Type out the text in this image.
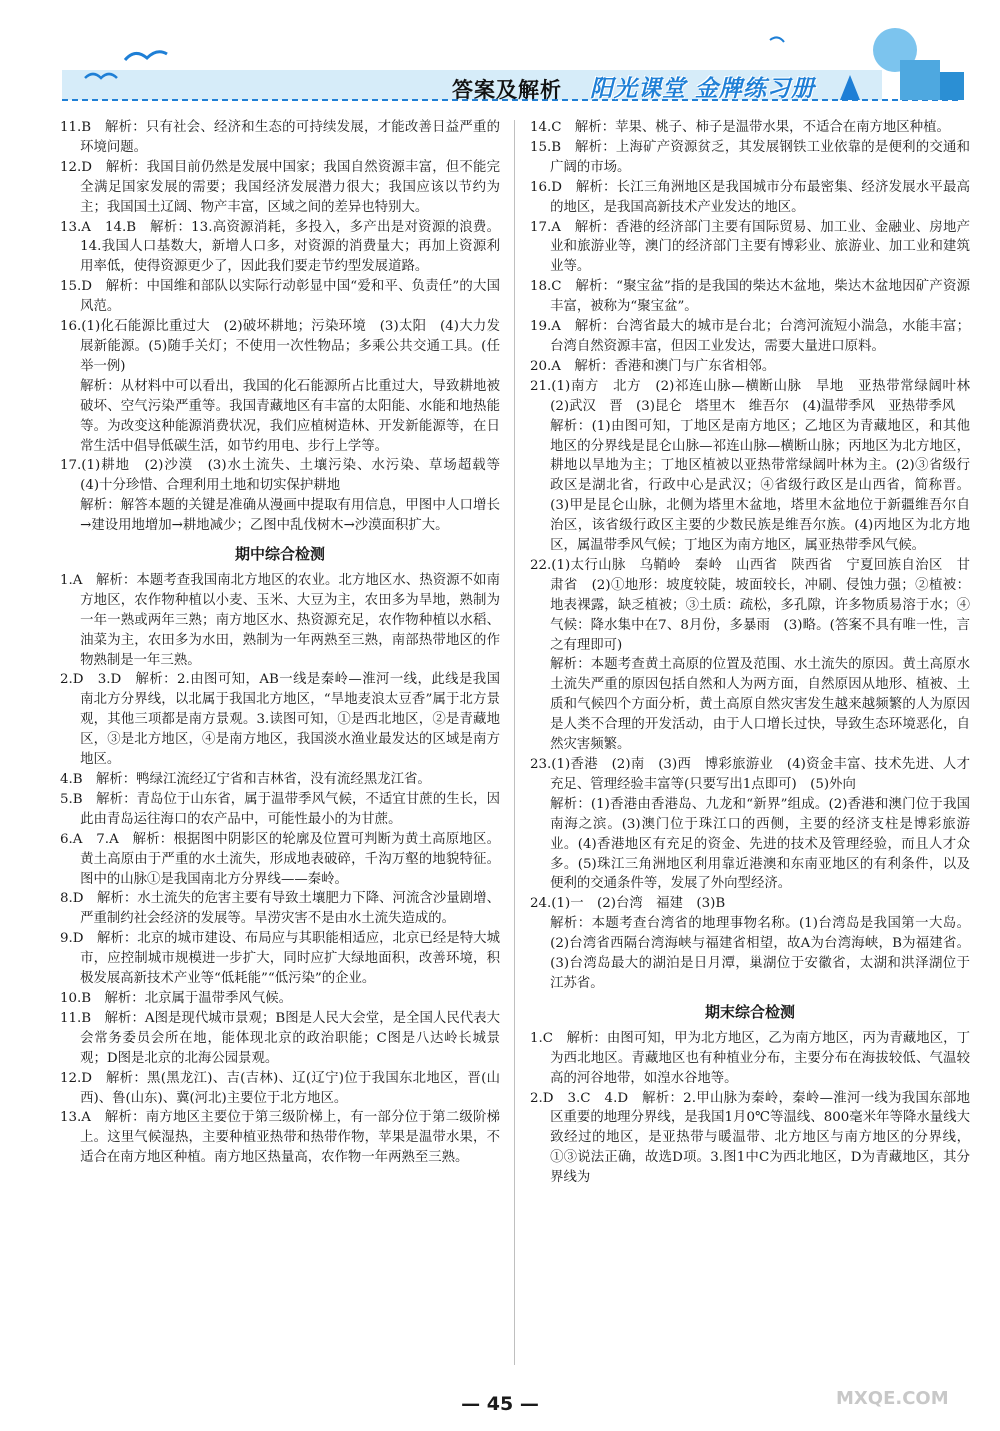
答案及解析 阳光课堂 金牌练习册
11.B　解析：只有社会、经济和生态的可持续发展，才能改善日益严重的环境问题。
12.D　解析：我国目前仍然是发展中国家；我国自然资源丰富，但不能完全满足国家发展的需要；我国经济发展潜力很大；我国应该以节约为主；我国国土辽阔、物产丰富，区域之间的差异也特别大。
13.A　14.B　解析：13.高资源消耗，多投入，多产出是对资源的浪费。14.我国人口基数大，新增人口多，对资源的消费量大；再加上资源利用率低，使得资源更少了，因此我们要走节约型发展道路。
15.D　解析：中国维和部队以实际行动彰显中国“爱和平、负责任”的大国风范。
16.(1)化石能源比重过大　(2)破坏耕地；污染环境　(3)太阳　(4)大力发展新能源。(5)随手关灯；不使用一次性物品；多乘公共交通工具。(任举一例)
解析：从材料中可以看出，我国的化石能源所占比重过大，导致耕地被破坏、空气污染严重等。我国青藏地区有丰富的太阳能、水能和地热能等。为改变这种能源消费状况，我们应植树造林、开发新能源等，在日常生活中倡导低碳生活，如节约用电、步行上学等。
17.(1)耕地　(2)沙漠　(3)水土流失、土壤污染、水污染、草场超载等　(4)十分珍惜、合理利用土地和切实保护耕地
解析：解答本题的关键是准确从漫画中提取有用信息，甲图中人口增长→建设用地增加→耕地减少；乙图中乱伐树木→沙漠面积扩大。
期中综合检测
1.A　解析：本题考查我国南北方地区的农业。北方地区水、热资源不如南方地区，农作物种植以小麦、玉米、大豆为主，农田多为旱地，熟制为一年一熟或两年三熟；南方地区水、热资源充足，农作物种植以水稻、油菜为主，农田多为水田，熟制为一年两熟至三熟，南部热带地区的作物熟制是一年三熟。
2.D　3.D　解析：2.由图可知，AB一线是秦岭—淮河一线，此线是我国南北方分界线，以北属于我国北方地区，“旱地麦浪太豆香”属于北方景观，其他三项都是南方景观。3.读图可知，①是西北地区，②是青藏地区，③是北方地区，④是南方地区，我国淡水渔业最发达的区域是南方地区。
4.B　解析：鸭绿江流经辽宁省和吉林省，没有流经黑龙江省。
5.B　解析：青岛位于山东省，属于温带季风气候，不适宜甘蔗的生长，因此由青岛运往海口的农产品中，可能性最小的为甘蔗。
6.A　7.A　解析：根据图中阴影区的轮廓及位置可判断为黄土高原地区。黄土高原由于严重的水土流失，形成地表破碎，千沟万壑的地貌特征。图中的山脉①是我国南北方分界线——秦岭。
8.D　解析：水土流失的危害主要有导致土壤肥力下降、河流含沙量剧增、严重制约社会经济的发展等。旱涝灾害不是由水土流失造成的。
9.D　解析：北京的城市建设、布局应与其职能相适应，北京已经是特大城市，应控制城市规模进一步扩大，同时应扩大绿地面积，改善环境，积极发展高新技术产业等“低耗能”“低污染”的企业。
10.B　解析：北京属于温带季风气候。
11.B　解析：A图是现代城市景观；B图是人民大会堂，是全国人民代表大会常务委员会所在地，能体现北京的政治职能；C图是八达岭长城景观；D图是北京的北海公园景观。
12.D　解析：黑(黑龙江)、吉(吉林)、辽(辽宁)位于我国东北地区，晋(山西)、鲁(山东)、冀(河北)主要位于北方地区。
13.A　解析：南方地区主要位于第三级阶梯上，有一部分位于第二级阶梯上。这里气候湿热，主要种植亚热带和热带作物，苹果是温带水果，不适合在南方地区种植。南方地区热量高，农作物一年两熟至三熟。
14.C　解析：苹果、桃子、柿子是温带水果，不适合在南方地区种植。
15.B　解析：上海矿产资源贫乏，其发展钢铁工业依靠的是便利的交通和广阔的市场。
16.D　解析：长江三角洲地区是我国城市分布最密集、经济发展水平最高的地区，是我国高新技术产业发达的地区。
17.A　解析：香港的经济部门主要有国际贸易、加工业、金融业、房地产业和旅游业等，澳门的经济部门主要有博彩业、旅游业、加工业和建筑业等。
18.C　解析：“聚宝盆”指的是我国的柴达木盆地，柴达木盆地因矿产资源丰富，被称为“聚宝盆”。
19.A　解析：台湾省最大的城市是台北；台湾河流短小湍急，水能丰富；台湾自然资源丰富，但因工业发达，需要大量进口原料。
20.A　解析：香港和澳门与广东省相邻。
21.(1)南方　北方　(2)祁连山脉—横断山脉　旱地　亚热带常绿阔叶林　(2)武汉　晋　(3)昆仑　塔里木　维吾尔　(4)温带季风　亚热带季风
解析：(1)由图可知，丁地区是南方地区；乙地区为青藏地区，和其他地区的分界线是昆仑山脉—祁连山脉—横断山脉；丙地区为北方地区，耕地以旱地为主；丁地区植被以亚热带常绿阔叶林为主。(2)③省级行政区是湖北省，行政中心是武汉；④省级行政区是山西省，简称晋。(3)甲是昆仑山脉，北侧为塔里木盆地，塔里木盆地位于新疆维吾尔自治区，该省级行政区主要的少数民族是维吾尔族。(4)丙地区为北方地区，属温带季风气候；丁地区为南方地区，属亚热带季风气候。
22.(1)太行山脉　乌鞘岭　秦岭　山西省　陕西省　宁夏回族自治区　甘肃省　(2)①地形：坡度较陡，坡面较长，冲刷、侵蚀力强；②植被：地表裸露，缺乏植被；③土质：疏松，多孔隙，许多物质易溶于水；④气候：降水集中在7、8月份，多暴雨　(3)略。(答案不具有唯一性，言之有理即可)
解析：本题考查黄土高原的位置及范围、水土流失的原因。黄土高原水土流失严重的原因包括自然和人为两方面，自然原因从地形、植被、土质和气候四个方面分析，黄土高原自然灾害发生越来越频繁的人为原因是人类不合理的开发活动，由于人口增长过快，导致生态环境恶化，自然灾害频繁。
23.(1)香港　(2)南　(3)西　博彩旅游业　(4)资金丰富、技术先进、人才充足、管理经验丰富等(只要写出1点即可)　(5)外向
解析：(1)香港由香港岛、九龙和“新界”组成。(2)香港和澳门位于我国南海之滨。(3)澳门位于珠江口的西侧，主要的经济支柱是博彩旅游业。(4)香港地区有充足的资金、先进的技术及管理经验，而且人才众多。(5)珠江三角洲地区利用靠近港澳和东南亚地区的有利条件，以及便利的交通条件等，发展了外向型经济。
24.(1)一　(2)台湾　福建　(3)B
解析：本题考查台湾省的地理事物名称。(1)台湾岛是我国第一大岛。(2)台湾省西隔台湾海峡与福建省相望，故A为台湾海峡，B为福建省。(3)台湾岛最大的湖泊是日月潭，巢湖位于安徽省，太湖和洪泽湖位于江苏省。
期末综合检测
1.C　解析：由图可知，甲为北方地区，乙为南方地区，丙为青藏地区，丁为西北地区。青藏地区也有种植业分布，主要分布在海拔较低、气温较高的河谷地带，如湟水谷地等。
2.D　3.C　4.D　解析：2.甲山脉为秦岭，秦岭—淮河一线为我国东部地区重要的地理分界线，是我国1月0℃等温线、800毫米年等降水量线大致经过的地区，是亚热带与暖温带、北方地区与南方地区的分界线，①③说法正确，故选D项。3.图1中C为西北地区，D为青藏地区，其分界线为
— 45 —	MXQE.COM
